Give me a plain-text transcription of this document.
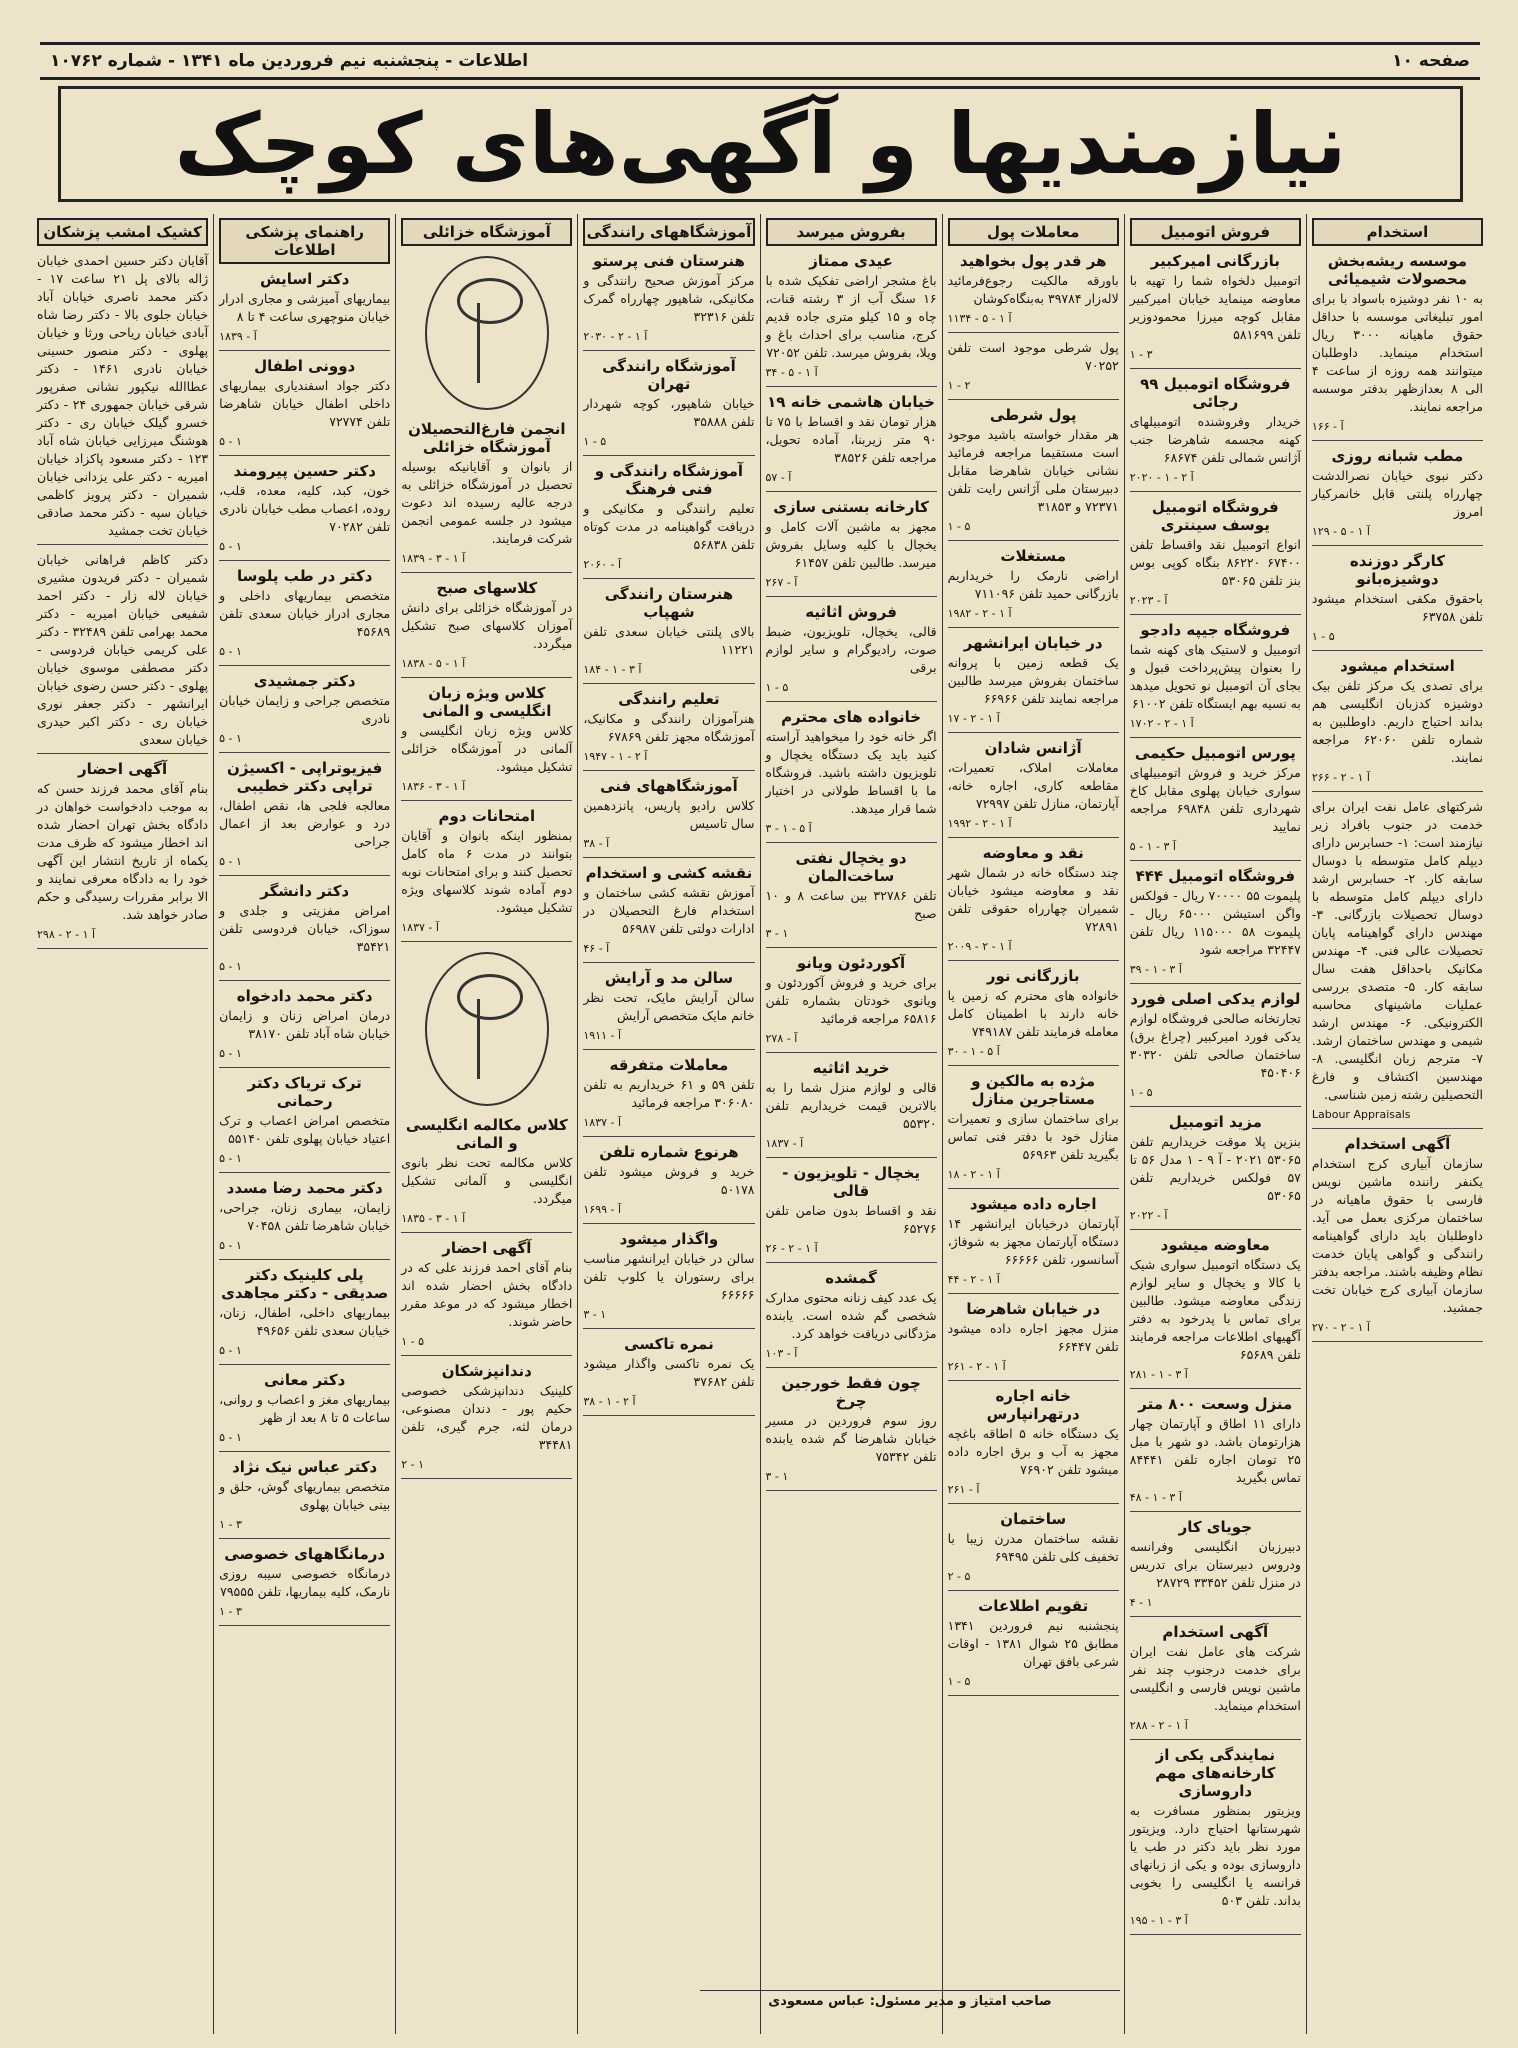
صفحه ۱۰
اطلاعات - پنجشنبه نیم فروردین ماه ۱۳۴۱ - شماره ۱۰۷۶۲
نیازمندیها و آگهی‌های کوچک
استخدام
موسسه ریشه‌بخش محصولات شیمیائی
به ۱۰ نفر دوشیزه باسواد با برای امور تبلیغاتی موسسه با حداقل حقوق ماهیانه ۳۰۰۰ ریال استخدام مینماید. داوطلبان میتوانند همه روزه از ساعت ۴ الی ۸ بعدازظهر بدفتر موسسه مراجعه نمایند.
۱۶۶ - آ
مطب شبانه روزی
دکتر نبوی خیابان نصرالدشت چهارراه پلنتی قابل خانمرکیار امروز
۱۲۹ - آ ۱ - ۵
کارگر دوزنده دوشیزه‌بانو
باحقوق مکفی استخدام میشود تلفن ۶۳۷۵۸
۱ - ۵
استخدام میشود
برای تصدی یک مرکز تلفن بیک دوشیزه کدزبان انگلیسی هم بداند احتیاج داریم. داوطلبین به شماره تلفن ۶۲۰۶۰ مراجعه نمایند.
۲۶۶ - آ ۱ - ۲
شرکتهای عامل نفت ایران برای خدمت در جنوب بافراد زیر نیازمند است: ۱- حسابرس دارای دیپلم کامل متوسطه با دوسال سابقه کار. ۲- حسابرس ارشد دارای دیپلم کامل متوسطه با دوسال تحصیلات بازرگانی. ۳- مهندس دارای گواهینامه پایان تحصیلات عالی فنی. ۴- مهندس مکانیک باحداقل هفت سال سابقه کار. ۵- متصدی بررسی عملیات ماشینهای محاسبه الکترونیکی. ۶- مهندس ارشد شیمی و مهندس ساختمان ارشد. ۷- مترجم زبان انگلیسی. ۸- مهندسین اکتشاف و فارغ التحصیلین رشته زمین شناسی.
Labour Appraisals
آگهی استخدام
سازمان آبیاری کرج استخدام یکنفر راننده ماشین نویس فارسی با حقوق ماهیانه در ساختمان مرکزی بعمل می آید. داوطلبان باید دارای گواهینامه رانندگی و گواهی پایان خدمت نظام وظیفه باشند. مراجعه بدفتر سازمان آبیاری کرج خیابان تخت جمشید.
۲۷۰ - آ ۱ - ۲
فروش اتومبیل
بازرگانی امیرکبیر
اتومبیل دلخواه شما را تهیه با معاوضه مینماید خیابان امیرکبیر مقابل کوچه میرزا محمودوزیر تلفن ۵۸۱۶۹۹
۱ - ۳
فروشگاه اتومبیل ۹۹ رجائی
خریدار وفروشنده اتومبیلهای کهنه مجسمه شاهرضا جنب آژانس شمالی تلفن ۶۸۶۷۴
۲۰۲۰ - آ ۲ - ۱
فروشگاه اتومبیل یوسف سینتری
انواع اتومبیل نقد واقساط تلفن ۶۷۴۰۰ ۸۶۲۲۰ بنگاه کوپی بوس بنز تلفن ۵۳۰۶۵
۲۰۲۳ - آ
فروشگاه جیپه دادجو
اتومبیل و لاستیک های کهنه شما را بعنوان پیش‌پرداخت قبول و بجای آن اتومبیل نو تحویل میدهد به نسیه بهم ایستگاه تلفن ۶۱۰۰۲
۱۷۰۲ - آ ۱ - ۲
پورس اتومبیل حکیمی
مرکز خرید و فروش اتومبیلهای سواری خیابان پهلوی مقابل کاخ شهرداری تلفن ۶۹۸۴۸ مراجعه نمایید
۵ - آ ۳ - ۱
فروشگاه اتومبیل ۴۴۴
پلیموت ۵۵ ۷۰۰۰۰ ریال - فولکس واگن استیشن ۶۵۰۰۰ ریال - پلیموت ۵۸ ۱۱۵۰۰۰ ریال تلفن ۳۲۴۴۷ مراجعه شود
۳۹ - آ ۳ - ۱
لوازم یدکی اصلی فورد
تجارتخانه صالحی فروشگاه لوازم یدکی فورد امیرکبیر (چراغ برق) ساختمان صالحی تلفن ۳۰۳۲۰ ۴۵۰۴۰۶
۱ - ۵
مزید اتومبیل
بنزین پلا موقت خریداریم تلفن ۵۳۰۶۵ ۲۰۲۱ - آ ۹ - ۱ مدل ۵۶ تا ۵۷ فولکس خریداریم تلفن ۵۳۰۶۵
۲۰۲۲ - آ
معاوضه میشود
یک دستگاه اتومبیل سواری شیک با کالا و یخچال و سایر لوازم زندگی معاوضه میشود. طالبین برای تماس با پدرخود به دفتر آگهیهای اطلاعات مراجعه فرمایند تلفن ۶۵۶۸۹
۲۸۱ - آ ۳ - ۱
منزل وسعت ۸۰۰ متر
دارای ۱۱ اطاق و آپارتمان چهار هزارتومان باشد. دو شهر با مبل ۲۵ تومان اجاره تلفن ۸۴۴۴۱ تماس بگیرید
۴۸ - آ ۳ - ۱
جویای کار
دبیرزبان انگلیسی وفرانسه ودروس دبیرستان برای تدریس در منزل تلفن ۳۳۴۵۲ ۲۸۷۲۹
۴ - ۱
آگهی استخدام
شرکت های عامل نفت ایران برای خدمت درجنوب چند نفر ماشین نویس فارسی و انگلیسی استخدام مینماید.
۲۸۸ - آ ۱ - ۲
نمایندگی یکی از کارخانه‌های مهم داروسازی
ویزیتور بمنظور مسافرت به شهرستانها احتیاج دارد. ویزیتور مورد نظر باید دکتر در طب یا داروسازی بوده و یکی از زبانهای فرانسه یا انگلیسی را بخوبی بداند. تلفن ۵۰۳
۱۹۵ - آ ۳ - ۱
معاملات پول
هر قدر پول بخواهید
باورقه مالکیت رجوع‌فرمائید لالەزار ۳۹۷۸۴ بەبنگاه‌کوشان
۱۱۳۴ - آ ۱ - ۵
پول شرطی موجود است تلفن ۷۰۲۵۲
۱ - ۲
پول شرطی
هر مقدار خواسته باشید موجود است مستقیما مراجعه فرمائید نشانی خیابان شاهرضا مقابل دبیرستان ملی آژانس رایت تلفن ۷۲۳۷۱ و ۳۱۸۵۳
۱ - ۵
مستغلات
اراضی نارمک را خریداریم بازرگانی حمید تلفن ۷۱۱۰۹۶
۱۹۸۲ - آ ۱ - ۲
در خیابان ایرانشهر
یک قطعه زمین با پروانه ساختمان بفروش میرسد طالبین مراجعه نمایند تلفن ۶۶۹۶۶
۱۷ - آ ۱ - ۲
آژانس شادان
معاملات املاک، تعمیرات، مقاطعه کاری، اجاره خانه، آپارتمان، منازل تلفن ۷۲۹۹۷
۱۹۹۲ - آ ۱ - ۲
نقد و معاوضه
چند دستگاه خانه در شمال شهر نقد و معاوضه میشود خیابان شمیران چهارراه حقوقی تلفن ۷۲۸۹۱
۲۰۰۹ - آ ۱ - ۲
بازرگانی نور
خانواده های محترم که زمین یا خانه دارند با اطمینان کامل معامله فرمایند تلفن ۷۴۹۱۸۷
۳۰ - آ ۵ - ۱
مژده به مالکین و مستاجرین منازل
برای ساختمان سازی و تعمیرات منازل خود با دفتر فنی تماس بگیرید تلفن ۵۶۹۶۳
۱۸ - آ ۱ - ۲
اجاره داده میشود
آپارتمان درخیابان ایرانشهر ۱۴ دستگاه آپارتمان مجهز به شوفاژ، آسانسور، تلفن ۶۶۶۶۶
۴۴ - آ ۱ - ۲
در خیابان شاهرضا
منزل مجهز اجاره داده میشود تلفن ۶۶۴۴۷
۲۶۱ - آ ۱ - ۲
خانه اجاره درتهرانپارس
یک دستگاه خانه ۵ اطاقه باغچه مجهز به آب و برق اجاره داده میشود تلفن ۷۶۹۰۲
۲۶۱ - آ
ساختمان
نقشه ساختمان مدرن زیبا با تخفیف کلی تلفن ۶۹۴۹۵
۲ - ۵
تقویم اطلاعات
پنجشنبه نیم فروردین ۱۳۴۱ مطابق ۲۵ شوال ۱۳۸۱ - اوقات شرعی بافق تهران
۱ - ۵
بفروش میرسد
عیدی ممتاز
باغ مشجر اراضی تفکیک شده با ۱۶ سنگ آب از ۳ رشته قنات، چاه و ۱۵ کیلو متری جاده قدیم کرج، مناسب برای احداث باغ و ویلا، بفروش میرسد. تلفن ۷۲۰۵۲
۳۴ - آ ۱ - ۵
خیابان هاشمی خانه ۱۹
هزار تومان نقد و اقساط با ۷۵ تا ۹۰ متر زیربنا، آماده تحویل، مراجعه تلفن ۳۸۵۲۶
۵۷ - آ
کارخانه بستنی سازی
مجهز به ماشین آلات کامل و یخچال با کلیه وسایل بفروش میرسد. طالبین تلفن ۶۱۴۵۷
۲۶۷ - آ
فروش اثاثیه
قالی، یخچال، تلویزیون، ضبط صوت، رادیوگرام و سایر لوازم برقی
۱ - ۵
خانواده های محترم
اگر خانه خود را میخواهید آراسته کنید باید یک دستگاه یخچال و تلویزیون داشته باشید. فروشگاه ما با اقساط طولانی در اختیار شما قرار میدهد.
۳ - آ ۵ - ۱
دو یخچال نفتی ساخت‌المان
تلفن ۳۲۷۸۶ بین ساعت ۸ و ۱۰ صبح
۳ - ۱
آکوردئون ویانو
برای خرید و فروش آکوردئون و ویانوی خودتان بشماره تلفن ۶۵۸۱۶ مراجعه فرمائید
۲۷۸ - آ
خرید اثاثیه
قالی و لوازم منزل شما را به بالاترین قیمت خریداریم تلفن ۵۵۳۲۰
۱۸۳۷ - آ
یخچال - تلویزیون - قالی
نقد و اقساط بدون ضامن تلفن ۶۵۲۷۶
۲۶ - آ ۱ - ۲
گمشده
یک عدد کیف زنانه محتوی مدارک شخصی گم شده است. یابنده مژدگانی دریافت خواهد کرد.
۱۰۳ - آ
چون فقط خورجین چرخ
روز سوم فروردین در مسیر خیابان شاهرضا گم شده یابنده تلفن ۷۵۳۴۲
۳ - ۱
آموزشگاههای رانندگی
هنرستان فنی پرستو
مرکز آموزش صحیح رانندگی و مکانیکی، شاهپور چهارراه گمرک تلفن ۳۲۳۱۶
۲۰۳۰ - آ ۱ - ۲
آموزشگاه رانندگی تهران
خیابان شاهپور، کوچه شهردار تلفن ۳۵۸۸۸
۱ - ۵
آموزشگاه رانندگی و فنی فرهنگ
تعلیم رانندگی و مکانیکی و دریافت گواهینامه در مدت کوتاه تلفن ۵۶۸۳۸
۲۰۶۰ - آ
هنرستان رانندگی شهپاب
بالای پلنتی خیابان سعدی تلفن ۱۱۲۲۱
۱۸۴ - آ ۳ - ۱
تعلیم رانندگی
هنرآموزان رانندگی و مکانیک، آموزشگاه مجهز تلفن ۶۷۸۶۹
۱۹۴۷ - آ ۲ - ۱
آموزشگاههای فنی
کلاس رادیو پاریس، پانزدهمین سال تاسیس
۳۸ - آ
نقشه کشی و استخدام
آموزش نقشه کشی ساختمان و استخدام فارغ التحصیلان در ادارات دولتی تلفن ۵۶۹۸۷
۴۶ - آ
سالن مد و آرایش
سالن آرایش مایک، تحت نظر خانم مایک متخصص آرایش
۱۹۱۱ - آ
معاملات متفرقه
تلفن ۵۹ و ۶۱ خریداریم به تلفن ۳۰۶۰۸۰ مراجعه فرمائید
۱۸۳۷ - آ
هرنوع شماره تلفن
خرید و فروش میشود تلفن ۵۰۱۷۸
۱۶۹۹ - آ
واگذار میشود
سالن در خیابان ایرانشهر مناسب برای رستوران یا کلوپ تلفن ۶۶۶۶۶
۳ - ۱
نمره تاکسی
یک نمره تاکسی واگذار میشود تلفن ۳۷۶۸۲
۳۸ - آ ۲ - ۱
آموزشگاه خزائلی
انجمن فارغ‌التحصیلان آموزشگاه خزائلی
از بانوان و آقایانیکه بوسیله تحصیل در آموزشگاه خزائلی به درجه عالیه رسیده اند دعوت میشود در جلسه عمومی انجمن شرکت فرمایند.
۱۸۳۹ - آ ۱ - ۳
کلاسهای صبح
در آموزشگاه خزائلی برای دانش آموزان کلاسهای صبح تشکیل میگردد.
۱۸۳۸ - آ ۱ - ۵
کلاس ویژه زبان انگلیسی و المانی
کلاس ویژه زبان انگلیسی و آلمانی در آموزشگاه خزائلی تشکیل میشود.
۱۸۳۶ - آ ۱ - ۳
امتحانات دوم
بمنظور اینکه بانوان و آقایان بتوانند در مدت ۶ ماه کامل تحصیل کنند و برای امتحانات نوبه دوم آماده شوند کلاسهای ویژه تشکیل میشود.
۱۸۳۷ - آ
کلاس مکالمه انگلیسی و المانی
کلاس مکالمه تحت نظر بانوی انگلیسی و آلمانی تشکیل میگردد.
۱۸۳۵ - آ ۱ - ۳
آگهی احضار
بنام آقای احمد فرزند علی که در دادگاه بخش احضار شده اند اخطار میشود که در موعد مقرر حاضر شوند.
۱ - ۵
دندانپزشکان
کلینیک دندانپزشکی خصوصی حکیم پور - دندان مصنوعی، درمان لثه، جرم گیری، تلفن ۳۴۴۸۱
۲ - ۱
راهنمای پزشکی اطلاعات
دکتر اسایش
بیماریهای آمیزشی و مجاری ادرار خیابان منوچهری ساعت ۴ تا ۸
۱۸۳۹ - آ
دوونی اطفال
دکتر جواد اسفندیاری بیماریهای داخلی اطفال خیابان شاهرضا تلفن ۷۲۷۷۴
۵ - ۱
دکتر حسین پیرومند
خون، کبد، کلیه، معده، قلب، روده، اعصاب مطب خیابان نادری تلفن ۷۰۲۸۲
۵ - ۱
دکتر در طب پلوسا
متخصص بیماریهای داخلی و مجاری ادرار خیابان سعدی تلفن ۴۵۶۸۹
۵ - ۱
دکتر جمشیدی
متخصص جراحی و زایمان خیابان نادری
۵ - ۱
فیزیوتراپی - اکسیژن تراپی دکتر خطیبی
معالجه فلجی ها، نقص اطفال، درد و عوارض بعد از اعمال جراحی
۵ - ۱
دکتر دانشگر
امراض مفزیتی و جلدی و سوزاک، خیابان فردوسی تلفن ۳۵۴۲۱
۵ - ۱
دکتر محمد دادخواه
درمان امراض زنان و زایمان خیابان شاه آباد تلفن ۳۸۱۷۰
۵ - ۱
ترک تریاک دکتر رحمانی
متخصص امراض اعصاب و ترک اعتیاد خیابان پهلوی تلفن ۵۵۱۴۰
۵ - ۱
دکتر محمد رضا مسدد
زایمان، بیماری زنان، جراحی، خیابان شاهرضا تلفن ۷۰۴۵۸
۵ - ۱
پلی کلینیک دکتر صدیقی - دکتر مجاهدی
بیماریهای داخلی، اطفال، زنان، خیابان سعدی تلفن ۴۹۶۵۶
۵ - ۱
دکتر معانی
بیماریهای مغز و اعصاب و روانی، ساعات ۵ تا ۸ بعد از ظهر
۵ - ۱
دکتر عباس نیک نژاد
متخصص بیماریهای گوش، حلق و بینی خیابان پهلوی
۱ - ۳
درمانگاههای خصوصی
درمانگاه خصوصی سیبه روزی نارمک، کلیه بیماریها، تلفن ۷۹۵۵۵
۱ - ۳
کشیک امشب پزشکان
آقایان دکتر حسین احمدی خیابان ژاله بالای پل ۲۱ ساعت ۱۷ - دکتر محمد ناصری خیابان آباد خیابان جلوی بالا - دکتر رضا شاه آبادی خیابان ریاحی ورثا و خیابان پهلوی - دکتر منصور حسینی خیابان نادری ۱۴۶۱ - دکتر عطاالله نیکپور نشانی صفرپور شرقی خیابان جمهوری ۲۴ - دکتر خسرو گیلک خیابان ری - دکتر هوشنگ میرزایی خیابان شاه آباد ۱۲۳ - دکتر مسعود پاکزاد خیابان امیریه - دکتر علی یزدانی خیابان شمیران - دکتر پرویز کاظمی خیابان سپه - دکتر محمد صادقی خیابان تخت جمشید
دکتر کاظم فراهانی خیابان شمیران - دکتر فریدون مشیری خیابان لاله زار - دکتر احمد شفیعی خیابان امیریه - دکتر محمد بهرامی تلفن ۳۲۴۸۹ - دکتر علی کریمی خیابان فردوسی - دکتر مصطفی موسوی خیابان پهلوی - دکتر حسن رضوی خیابان ایرانشهر - دکتر جعفر نوری خیابان ری - دکتر اکبر حیدری خیابان سعدی
آگهی احضار
بنام آقای محمد فرزند حسن که به موجب دادخواست خواهان در دادگاه بخش تهران احضار شده اند اخطار میشود که ظرف مدت یکماه از تاریخ انتشار این آگهی خود را به دادگاه معرفی نمایند و الا برابر مقررات رسیدگی و حکم صادر خواهد شد.
۲۹۸ - آ ۱ - ۲
صاحب امتیاز و مدیر مسئول: عباس مسعودی
